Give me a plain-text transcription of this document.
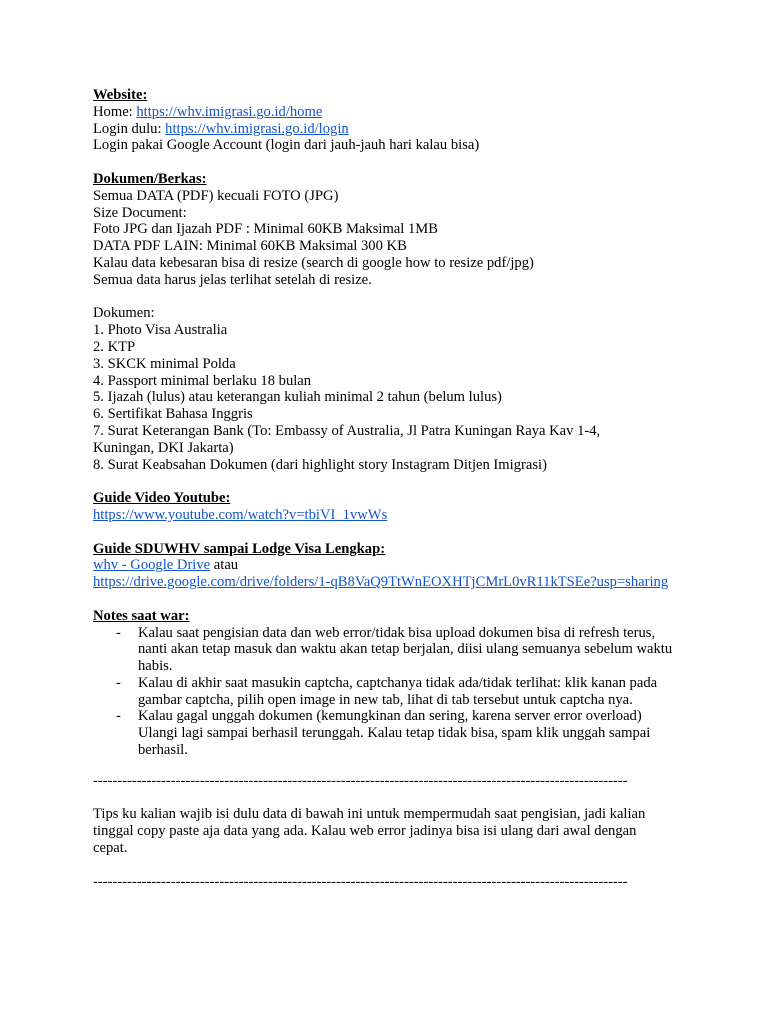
Website:
Home: https://whv.imigrasi.go.id/home
Login dulu: https://whv.imigrasi.go.id/login
Login pakai Google Account (login dari jauh-jauh hari kalau bisa)
Dokumen/Berkas:
Semua DATA (PDF) kecuali FOTO (JPG)
Size Document:
Foto JPG dan Ijazah PDF : Minimal 60KB Maksimal 1MB
DATA PDF LAIN: Minimal 60KB Maksimal 300 KB
Kalau data kebesaran bisa di resize (search di google how to resize pdf/jpg)
Semua data harus jelas terlihat setelah di resize.
Dokumen:
1. Photo Visa Australia
2. KTP
3. SKCK minimal Polda
4. Passport minimal berlaku 18 bulan
5. Ijazah (lulus) atau keterangan kuliah minimal 2 tahun (belum lulus)
6. Sertifikat Bahasa Inggris
7. Surat Keterangan Bank (To: Embassy of Australia, Jl Patra Kuningan Raya Kav 1-4, Kuningan, DKI Jakarta)
8. Surat Keabsahan Dokumen (dari highlight story Instagram Ditjen Imigrasi)
Guide Video Youtube:
https://www.youtube.com/watch?v=tbiVI_1vwWs
Guide SDUWHV sampai Lodge Visa Lengkap:
whv - Google Drive atau
https://drive.google.com/drive/folders/1-qB8VaQ9TtWnEOXHTjCMrL0vR11kTSEe?usp=sharing
Notes saat war:
- Kalau saat pengisian data dan web error/tidak bisa upload dokumen bisa di refresh terus, nanti akan tetap masuk dan waktu akan tetap berjalan, diisi ulang semuanya sebelum waktu habis.
- Kalau di akhir saat masukin captcha, captchanya tidak ada/tidak terlihat: klik kanan pada gambar captcha, pilih open image in new tab, lihat di tab tersebut untuk captcha nya.
- Kalau gagal unggah dokumen (kemungkinan dan sering, karena server error overload) Ulangi lagi sampai berhasil terunggah. Kalau tetap tidak bisa, spam klik unggah sampai berhasil.
--------------------------------------------------------------------------------------------------------------
Tips ku kalian wajib isi dulu data di bawah ini untuk mempermudah saat pengisian, jadi kalian tinggal copy paste aja data yang ada. Kalau web error jadinya bisa isi ulang dari awal dengan cepat.
--------------------------------------------------------------------------------------------------------------
